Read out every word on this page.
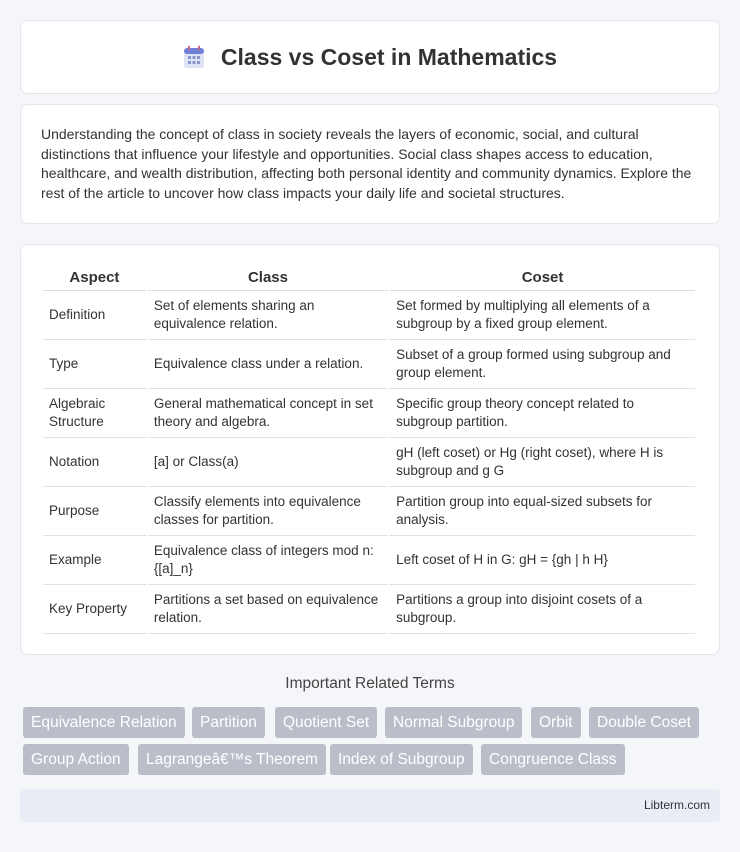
Class vs Coset in Mathematics

Understanding the concept of class in society reveals the layers of economic, social, and cultural distinctions that influence your lifestyle and opportunities. Social class shapes access to education, healthcare, and wealth distribution, affecting both personal identity and community dynamics. Explore the rest of the article to uncover how class impacts your daily life and societal structures.

Aspect	Class	Coset
Definition	Set of elements sharing an equivalence relation.	Set formed by multiplying all elements of a subgroup by a fixed group element.
Type	Equivalence class under a relation.	Subset of a group formed using subgroup and group element.
Algebraic Structure	General mathematical concept in set theory and algebra.	Specific group theory concept related to subgroup partition.
Notation	[a] or Class(a)	gH (left coset) or Hg (right coset), where H is subgroup and g G
Purpose	Classify elements into equivalence classes for partition.	Partition group into equal-sized subsets for analysis.
Example	Equivalence class of integers mod n: {[a]_n}	Left coset of H in G: gH = {gh | h H}
Key Property	Partitions a set based on equivalence relation.	Partitions a group into disjoint cosets of a subgroup.
Important Related Terms
Equivalence Relation	Partition	Quotient Set	Normal Subgroup	Orbit	Double Coset
Group Action	Lagrangeâ€™s Theorem	Index of Subgroup	Congruence Class
Libterm.com
